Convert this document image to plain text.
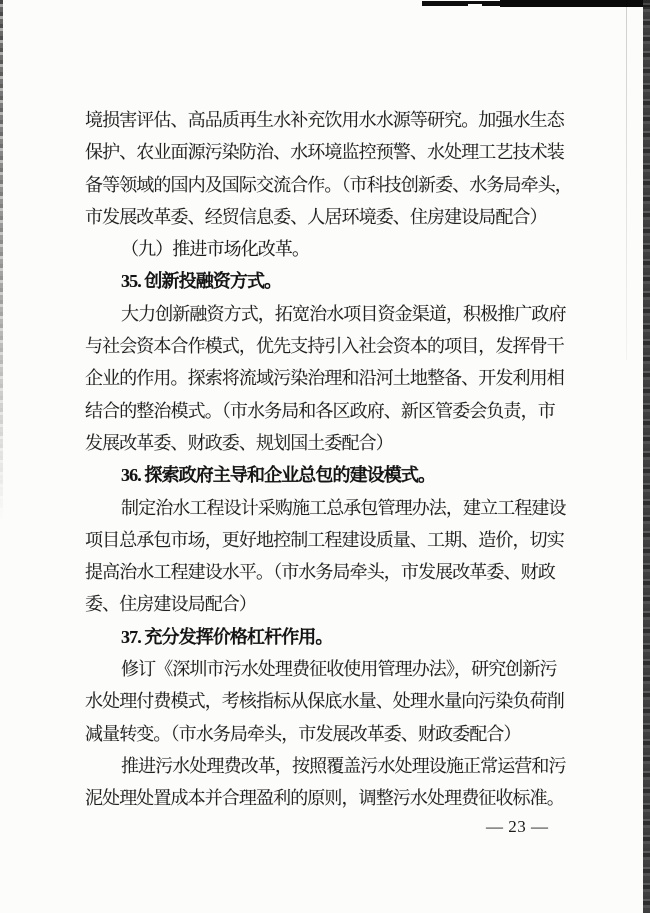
境损害评估、高品质再生水补充饮用水水源等研究。加强水生态
保护、农业面源污染防治、水环境监控预警、水处理工艺技术装
备等领域的国内及国际交流合作。（市科技创新委、水务局牵头，
市发展改革委、经贸信息委、人居环境委、住房建设局配合）
（九）推进市场化改革。
35. 创新投融资方式。
大力创新融资方式，拓宽治水项目资金渠道，积极推广政府
与社会资本合作模式，优先支持引入社会资本的项目，发挥骨干
企业的作用。探索将流域污染治理和沿河土地整备、开发利用相
结合的整治模式。（市水务局和各区政府、新区管委会负责，市
发展改革委、财政委、规划国土委配合）
36. 探索政府主导和企业总包的建设模式。
制定治水工程设计采购施工总承包管理办法，建立工程建设
项目总承包市场，更好地控制工程建设质量、工期、造价，切实
提高治水工程建设水平。（市水务局牵头，市发展改革委、财政
委、住房建设局配合）
37. 充分发挥价格杠杆作用。
修订《深圳市污水处理费征收使用管理办法》，研究创新污
水处理付费模式，考核指标从保底水量、处理水量向污染负荷削
减量转变。（市水务局牵头，市发展改革委、财政委配合）
推进污水处理费改革，按照覆盖污水处理设施正常运营和污
泥处理处置成本并合理盈利的原则，调整污水处理费征收标准。
— 23 —
